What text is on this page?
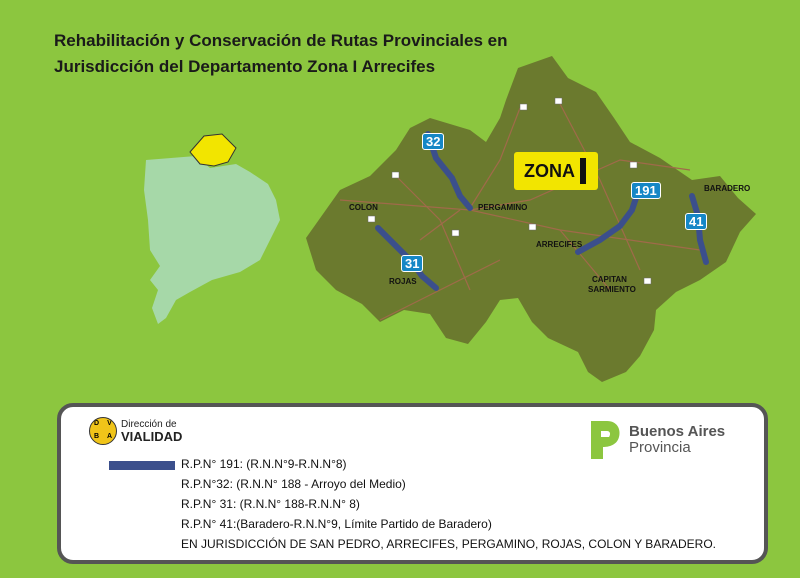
Rehabilitación y Conservación de Rutas Provinciales en
Jurisdicción del Departamento Zona I Arrecifes
ZONA
32
31
191
41
PERGAMINO
COLON
ROJAS
ARRECIFES
BARADERO
CAPITAN
SARMIENTO
D	V
B	A
Dirección de
VIALIDAD	Buenos Aires
Provincia
R.P.N° 191: (R.N.N°9-R.N.N°8)
R.P.N°32: (R.N.N° 188 - Arroyo del Medio)
R.P.N° 31: (R.N.N° 188-R.N.N° 8)
R.P.N° 41:(Baradero-R.N.N°9, Límite Partido de Baradero)
EN JURISDICCIÓN DE SAN PEDRO, ARRECIFES, PERGAMINO, ROJAS, COLON Y BARADERO.
